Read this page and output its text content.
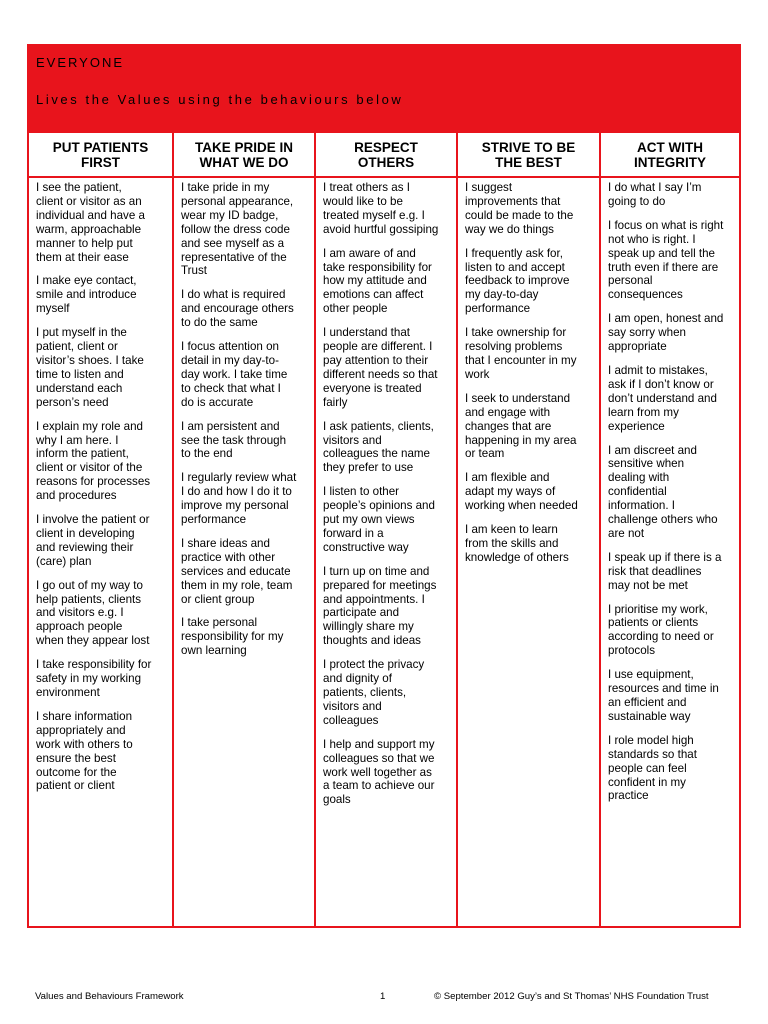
EVERYONE
Lives the Values using the behaviours below
PUT PATIENTS
FIRST

I see the patient,
client or visitor as an
individual and have a
warm, approachable
manner to help put
them at their ease

I make eye contact,
smile and introduce
myself

I put myself in the
patient, client or
visitor’s shoes. I take
time to listen and
understand each
person’s need

I explain my role and
why I am here. I
inform the patient,
client or visitor of the
reasons for processes
and procedures

I involve the patient or
client in developing
and reviewing their
(care) plan

I go out of my way to
help patients, clients
and visitors e.g. I
approach people
when they appear lost

I take responsibility for
safety in my working
environment

I share information
appropriately and
work with others to
ensure the best
outcome for the
patient or client

TAKE PRIDE IN
WHAT WE DO

I take pride in my
personal appearance,
wear my ID badge,
follow the dress code
and see myself as a
representative of the
Trust

I do what is required
and encourage others
to do the same

I focus attention on
detail in my day-to-
day work. I take time
to check that what I
do is accurate

I am persistent and
see the task through
to the end

I regularly review what
I do and how I do it to
improve my personal
performance

I share ideas and
practice with other
services and educate
them in my role, team
or client group

I take personal
responsibility for my
own learning

RESPECT
OTHERS

I treat others as I
would like to be
treated myself e.g. I
avoid hurtful gossiping

I am aware of and
take responsibility for
how my attitude and
emotions can affect
other people

I understand that
people are different. I
pay attention to their
different needs so that
everyone is treated
fairly

I ask patients, clients,
visitors and
colleagues the name
they prefer to use

I listen to other
people’s opinions and
put my own views
forward in a
constructive way

I turn up on time and
prepared for meetings
and appointments. I
participate and
willingly share my
thoughts and ideas

I protect the privacy
and dignity of
patients, clients,
visitors and
colleagues

I help and support my
colleagues so that we
work well together as
a team to achieve our
goals

STRIVE TO BE
THE BEST

I suggest
improvements that
could be made to the
way we do things

I frequently ask for,
listen to and accept
feedback to improve
my day-to-day
performance

I take ownership for
resolving problems
that I encounter in my
work

I seek to understand
and engage with
changes that are
happening in my area
or team

I am flexible and
adapt my ways of
working when needed

I am keen to learn
from the skills and
knowledge of others

ACT WITH
INTEGRITY

I do what I say I’m
going to do

I focus on what is right
not who is right. I
speak up and tell the
truth even if there are
personal
consequences

I am open, honest and
say sorry when
appropriate

I admit to mistakes,
ask if I don’t know or
don’t understand and
learn from my
experience

I am discreet and
sensitive when
dealing with
confidential
information. I
challenge others who
are not

I speak up if there is a
risk that deadlines
may not be met

I prioritise my work,
patients or clients
according to need or
protocols

I use equipment,
resources and time in
an efficient and
sustainable way

I role model high
standards so that
people can feel
confident in my
practice

Values and Behaviours Framework	1	© September 2012 Guy’s and St Thomas’ NHS Foundation Trust
